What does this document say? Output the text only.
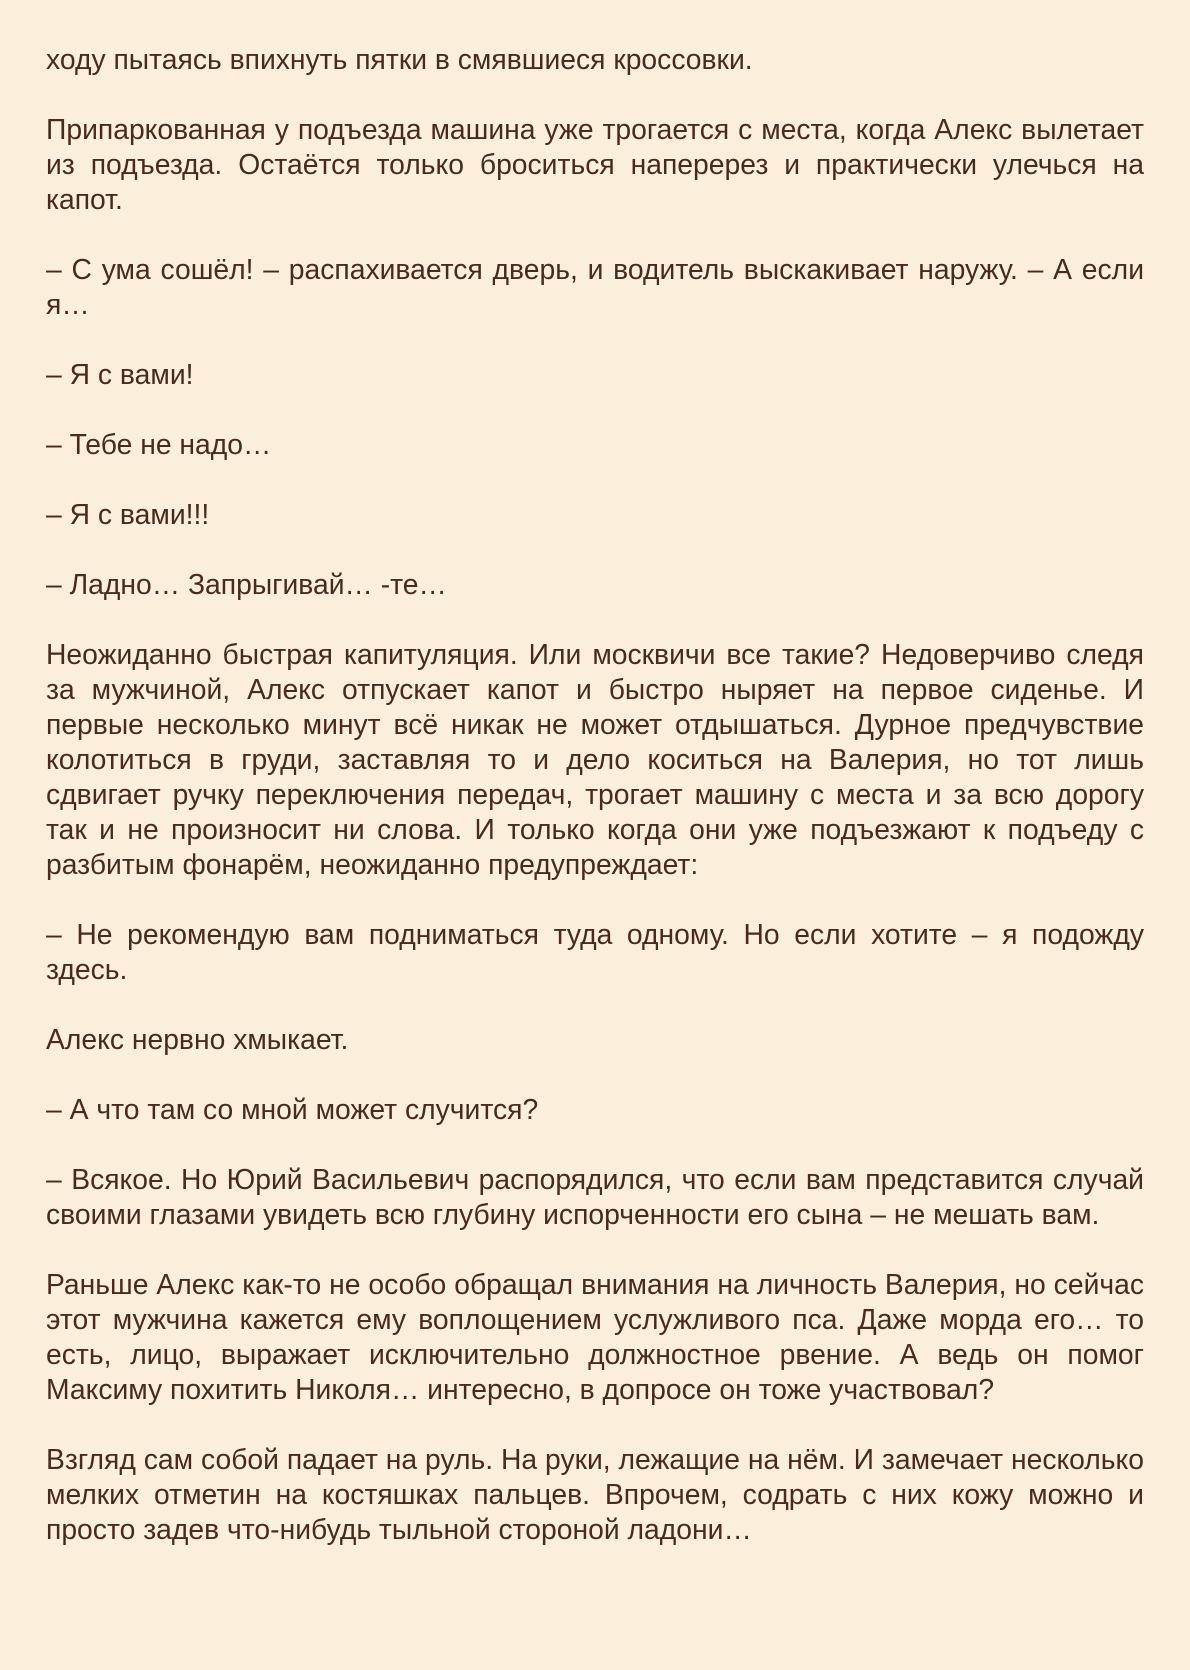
ходу пытаясь впихнуть пятки в смявшиеся кроссовки.

Припаркованная у подъезда машина уже трогается с места, когда Алекс вылетает из подъезда. Остаётся только броситься наперерез и практически улечься на капот.

– С ума сошёл! – распахивается дверь, и водитель выскакивает наружу. – А если я…

– Я с вами!

– Тебе не надо…

– Я с вами!!!

– Ладно… Запрыгивай… -те…

Неожиданно быстрая капитуляция. Или москвичи все такие? Недоверчиво следя за мужчиной, Алекс отпускает капот и быстро ныряет на первое сиденье. И первые несколько минут всё никак не может отдышаться. Дурное предчувствие колотиться в груди, заставляя то и дело коситься на Валерия, но тот лишь сдвигает ручку переключения передач, трогает машину с места и за всю дорогу так и не произносит ни слова. И только когда они уже подъезжают к подъеду с разбитым фонарём, неожиданно предупреждает:

– Не рекомендую вам подниматься туда одному. Но если хотите – я подожду здесь.

Алекс нервно хмыкает.

– А что там со мной может случится?

– Всякое. Но Юрий Васильевич распорядился, что если вам представится случай своими глазами увидеть всю глубину испорченности его сына – не мешать вам.

Раньше Алекс как-то не особо обращал внимания на личность Валерия, но сейчас этот мужчина кажется ему воплощением услужливого пса. Даже морда его… то есть, лицо, выражает исключительно должностное рвение. А ведь он помог Максиму похитить Николя… интересно, в допросе он тоже участвовал?

Взгляд сам собой падает на руль. На руки, лежащие на нём. И замечает несколько мелких отметин на костяшках пальцев. Впрочем, содрать с них кожу можно и просто задев что-нибудь тыльной стороной ладони…
